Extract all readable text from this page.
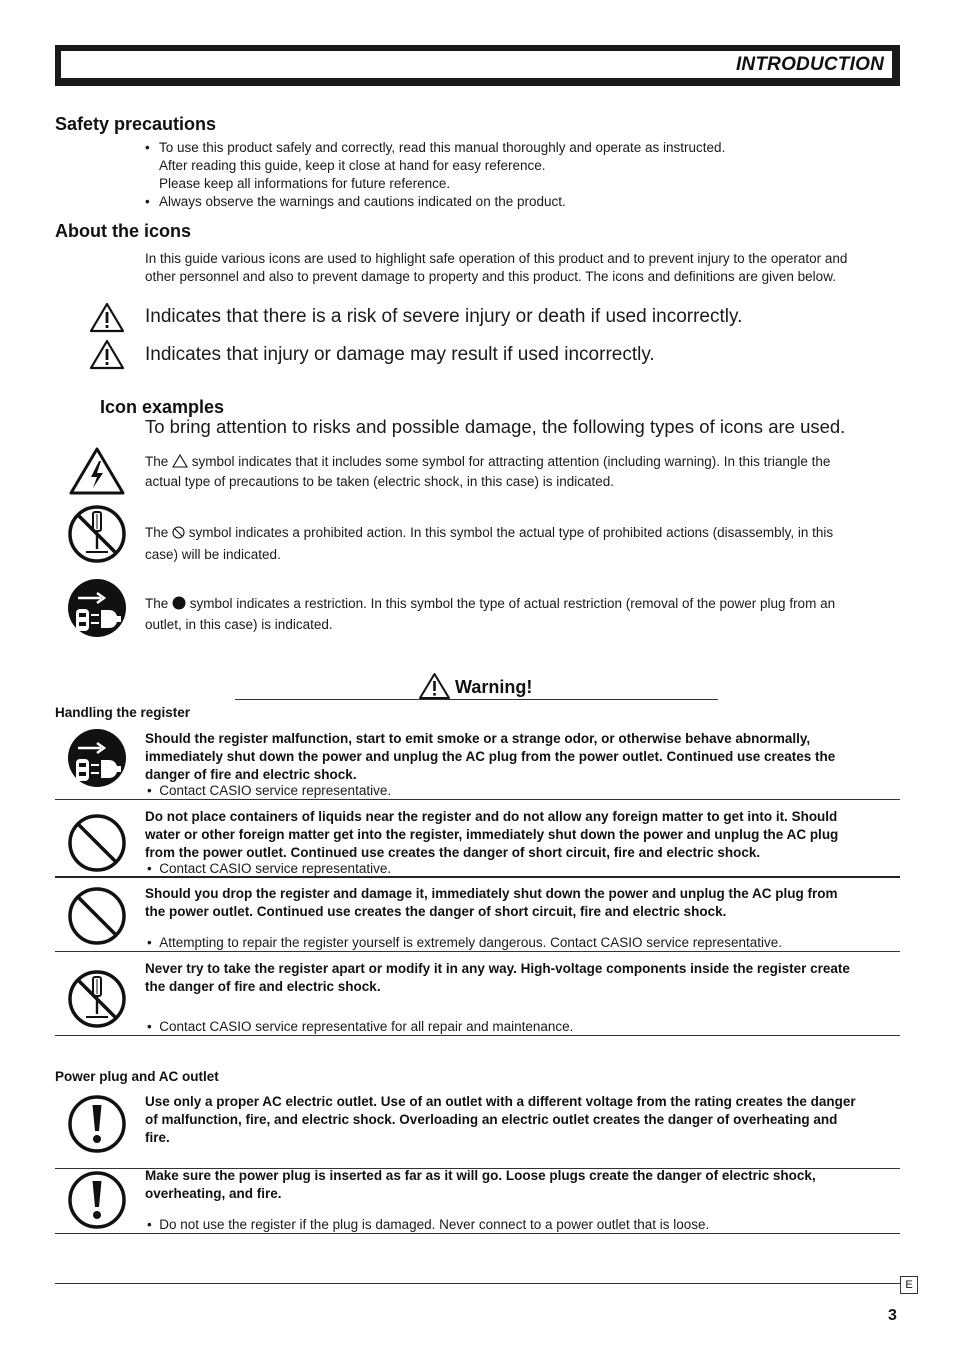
INTRODUCTION
Safety precautions
• To use this product safely and correctly, read this manual thoroughly and operate as instructed.
After reading this guide, keep it close at hand for easy reference.
Please keep all informations for future reference.
• Always observe the warnings and cautions indicated on the product.
About the icons
In this guide various icons are used to highlight safe operation of this product and to prevent injury to the operator and
other personnel and also to prevent damage to property and this product. The icons and definitions are given below.
Indicates that there is a risk of severe injury or death if used incorrectly.
Indicates that injury or damage may result if used incorrectly.
Icon examples
To bring attention to risks and possible damage, the following types of icons are used.
The symbol indicates that it includes some symbol for attracting attention (including warning). In this triangle the
actual type of precautions to be taken (electric shock, in this case) is indicated.
The symbol indicates a prohibited action. In this symbol the actual type of prohibited actions (disassembly, in this
case) will be indicated.
The symbol indicates a restriction. In this symbol the type of actual restriction (removal of the power plug from an
outlet, in this case) is indicated.
Warning!
Handling the register
Should the register malfunction, start to emit smoke or a strange odor, or otherwise behave abnormally,
immediately shut down the power and unplug the AC plug from the power outlet. Continued use creates the
danger of fire and electric shock.
•  Contact CASIO service representative.
Do not place containers of liquids near the register and do not allow any foreign matter to get into it. Should
water or other foreign matter get into the register, immediately shut down the power and unplug the AC plug
from the power outlet. Continued use creates the danger of short circuit, fire and electric shock.
•  Contact CASIO service representative.
Should you drop the register and damage it, immediately shut down the power and unplug the AC plug from
the power outlet. Continued use creates the danger of short circuit, fire and electric shock.
•  Attempting to repair the register yourself is extremely dangerous. Contact CASIO service representative.
Never try to take the register apart or modify it in any way. High-voltage components inside the register create
the danger of fire and electric shock.
•  Contact CASIO service representative for all repair and maintenance.
Power plug and AC outlet
Use only a proper AC electric outlet. Use of an outlet with a different voltage from the rating creates the danger
of malfunction, fire, and electric shock. Overloading an electric outlet creates the danger of overheating and
fire.
Make sure the power plug is inserted as far as it will go. Loose plugs create the danger of electric shock,
overheating, and fire.
•  Do not use the register if the plug is damaged. Never connect to a power outlet that is loose.
E
3
